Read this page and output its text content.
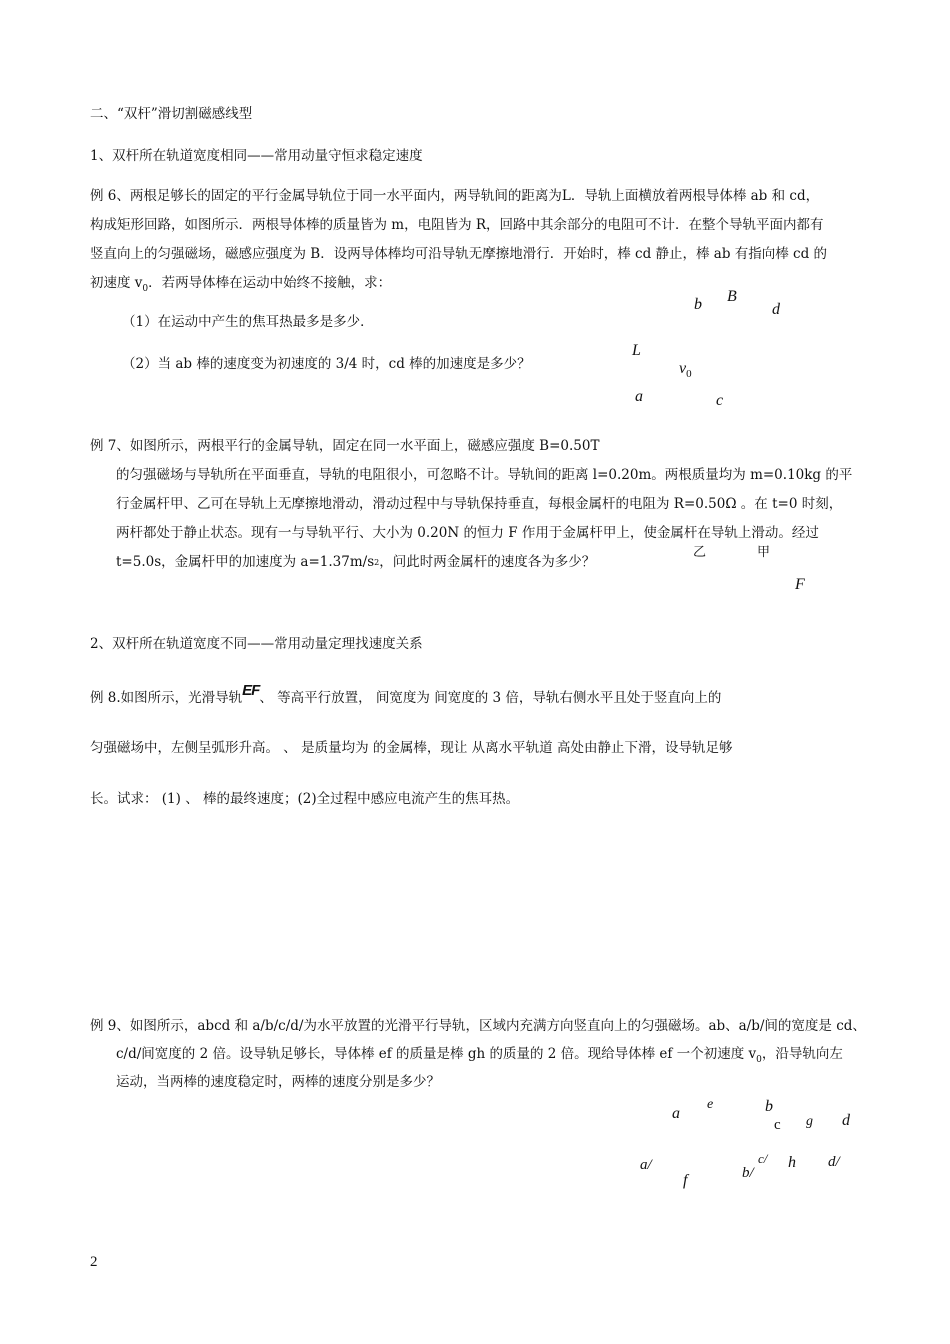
二、“双杆”滑切割磁感线型
1、双杆所在轨道宽度相同——常用动量守恒求稳定速度
例 6、两根足够长的固定的平行金属导轨位于同一水平面内，两导轨间的距离为L．导轨上面横放着两根导体棒 ab 和 cd，
构成矩形回路，如图所示．两根导体棒的质量皆为 m，电阻皆为 R，回路中其余部分的电阻可不计．在整个导轨平面内都有
竖直向上的匀强磁场，磁感应强度为 B．设两导体棒均可沿导轨无摩擦地滑行．开始时，棒 cd 静止，棒 ab 有指向棒 cd 的
初速度 $v_0$．若两导体棒在运动中始终不接触，求：
（1）在运动中产生的焦耳热最多是多少．
（2）当 ab 棒的速度变为初速度的 3/4 时，cd 棒的加速度是多少？
b B
d
L
$v_0$
a	c
例 7、如图所示，两根平行的金属导轨，固定在同一水平面上，磁感应强度 B=0.50T
的匀强磁场与导轨所在平面垂直，导轨的电阻很小，可忽略不计。导轨间的距离 l=0.20m。两根质量均为 m=0.10kg 的平
行金属杆甲、乙可在导轨上无摩擦地滑动，滑动过程中与导轨保持垂直，每根金属杆的电阻为 R=0.50Ω 。在 t=0 时刻，
两杆都处于静止状态。现有一与导轨平行、大小为 0.20N 的恒力 F 作用于金属杆甲上，使金属杆在导轨上滑动。经过
t=5.0s，金属杆甲的加速度为 a=1.37m/s2，问此时两金属杆的速度各为多少？
乙	甲
F
2、双杆所在轨道宽度不同——常用动量定理找速度关系
例 8.如图所示，光滑导轨EF、 等高平行放置， 间宽度为 间宽度的 3 倍，导轨右侧水平且处于竖直向上的
匀强磁场中，左侧呈弧形升高。 、 是质量均为 的金属棒，现让 从离水平轨道 高处由静止下滑，设导轨足够
长。试求： (1) 、 棒的最终速度；(2)全过程中感应电流产生的焦耳热。
例 9、如图所示，abcd 和 a/b/c/d/为水平放置的光滑平行导轨，区域内充满方向竖直向上的匀强磁场。ab、a/b/间的宽度是 cd、
c/d/间宽度的 2 倍。设导轨足够长，导体棒 ef 的质量是棒 gh 的质量的 2 倍。现给导体棒 ef 一个初速度 $v_0$，沿导轨向左
运动，当两棒的速度稳定时，两棒的速度分别是多少？
a
e	b
c g d
c/ h d/
a/
f	b/
2
